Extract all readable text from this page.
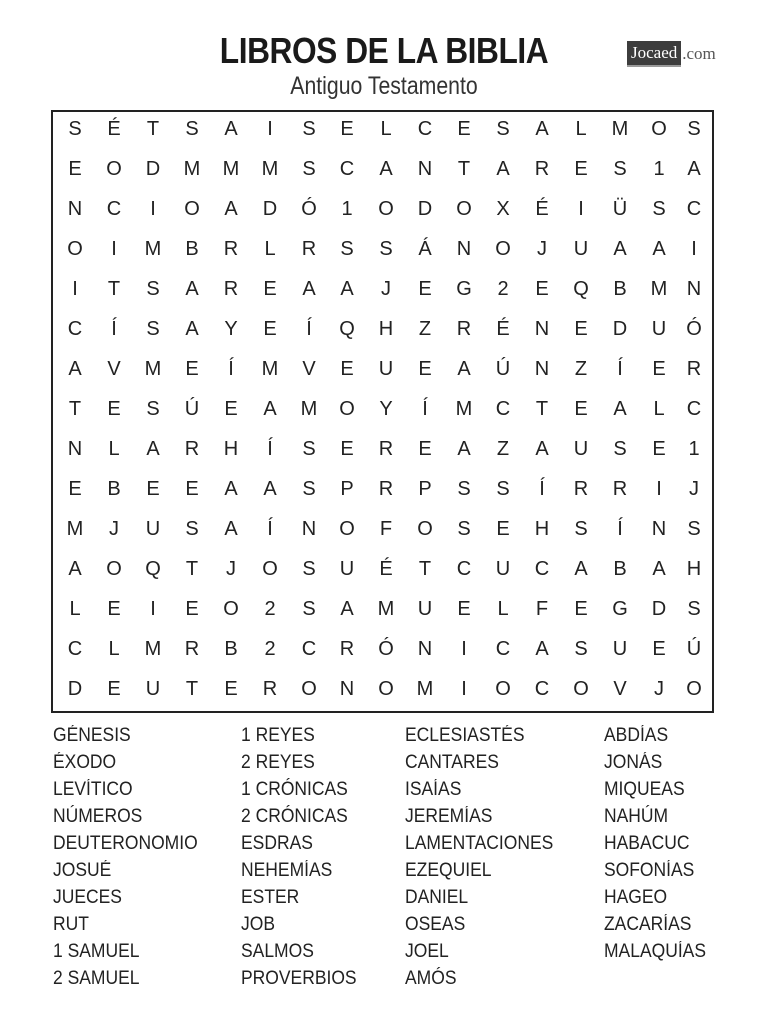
LIBROS DE LA BIBLIA
Antiguo Testamento
Jocaed .com
S	É	T	S	A	I	S	E	L	C	E	S	A	L	M	O	S
E	O	D	M	M	M	S	C	A	N	T	A	R	E	S	1	A
N	C	I	O	A	D	Ó	1	O	D	O	X	É	I	Ü	S	C
O	I	M	B	R	L	R	S	S	Á	N	O	J	U	A	A	I
I	T	S	A	R	E	A	A	J	E	G	2	E	Q	B	M N
C	Í	S	A	Y	E	Í	Q	H	Z	R	É	N	E	D	U	Ó
A	V	M	E	Í	M	V	E	U	E	A	Ú	N	Z	Í	E	R
T	E	S	Ú	E	A	M	O	Y	Í	M	C	T	E	A	L	C
N	L	A	R	H	Í	S	E	R	E	A	Z	A	U	S	E	1
E	B	E	E	A	A	S	P	R	P	S	S	Í	R	R	I	J
M	J	U	S	A	Í	N	O	F	O	S	E	H	S	Í	N	S
A	O	Q	T	J	O	S	U	É	T	C	U	C	A	B	A	H
L	E	I	E	O	2	S	A	M	U	E	L	F	E	G	D	S
C	L	M	R	B	2	C	R	Ó	N	I	C	A	S	U	E	Ú
D	E	U	T	E	R	O	N	O	M	I	O	C	O	V	J	O
GÉNESIS
ÉXODO
LEVÍTICO
NÚMEROS
DEUTERONOMIO
JOSUÉ
JUECES
RUT
1 SAMUEL
2 SAMUEL
1 REYES
2 REYES
1 CRÓNICAS
2 CRÓNICAS
ESDRAS
NEHEMÍAS
ESTER
JOB
SALMOS
PROVERBIOS
ECLESIASTÉS
CANTARES
ISAÍAS
JEREMÍAS
LAMENTACIONES
EZEQUIEL
DANIEL
OSEAS
JOEL
AMÓS
ABDÍAS
JONÁS
MIQUEAS
NAHÚM
HABACUC
SOFONÍAS
HAGEO
ZACARÍAS
MALAQUÍAS
